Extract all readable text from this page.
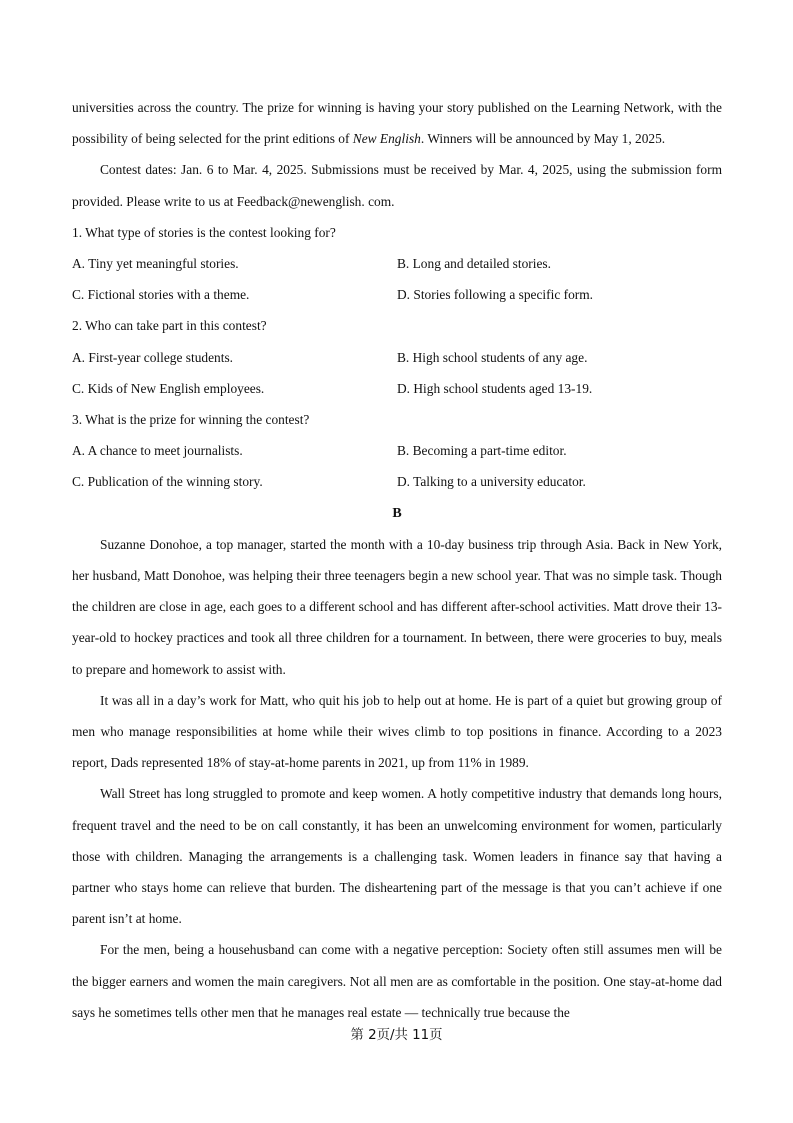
universities across the country. The prize for winning is having your story published on the Learning Network, with the possibility of being selected for the print editions of New English. Winners will be announced by May 1, 2025.

Contest dates: Jan. 6 to Mar. 4, 2025. Submissions must be received by Mar. 4, 2025, using the submission form provided. Please write to us at Feedback@newenglish. com.

1. What type of stories is the contest looking for?

A. Tiny yet meaningful stories.	B. Long and detailed stories.
C. Fictional stories with a theme.	D. Stories following a specific form.

2. Who can take part in this contest?

A. First-year college students.	B. High school students of any age.
C. Kids of New English employees.	D. High school students aged 13-19.

3. What is the prize for winning the contest?

A. A chance to meet journalists.	B. Becoming a part-time editor.
C. Publication of the winning story.	D. Talking to a university educator.

B

Suzanne Donohoe, a top manager, started the month with a 10-day business trip through Asia. Back in New York, her husband, Matt Donohoe, was helping their three teenagers begin a new school year. That was no simple task. Though the children are close in age, each goes to a different school and has different after-school activities. Matt drove their 13-year-old to hockey practices and took all three children for a tournament. In between, there were groceries to buy, meals to prepare and homework to assist with.

It was all in a day’s work for Matt, who quit his job to help out at home. He is part of a quiet but growing group of men who manage responsibilities at home while their wives climb to top positions in finance. According to a 2023 report, Dads represented 18% of stay-at-home parents in 2021, up from 11% in 1989.

Wall Street has long struggled to promote and keep women. A hotly competitive industry that demands long hours, frequent travel and the need to be on call constantly, it has been an unwelcoming environment for women, particularly those with children. Managing the arrangements is a challenging task. Women leaders in finance say that having a partner who stays home can relieve that burden. The disheartening part of the message is that you can’t achieve if one parent isn’t at home.

For the men, being a househusband can come with a negative perception: Society often still assumes men will be the bigger earners and women the main caregivers. Not all men are as comfortable in the position. One stay-at-home dad says he sometimes tells other men that he manages real estate — technically true because the

第 2页/共 11页
